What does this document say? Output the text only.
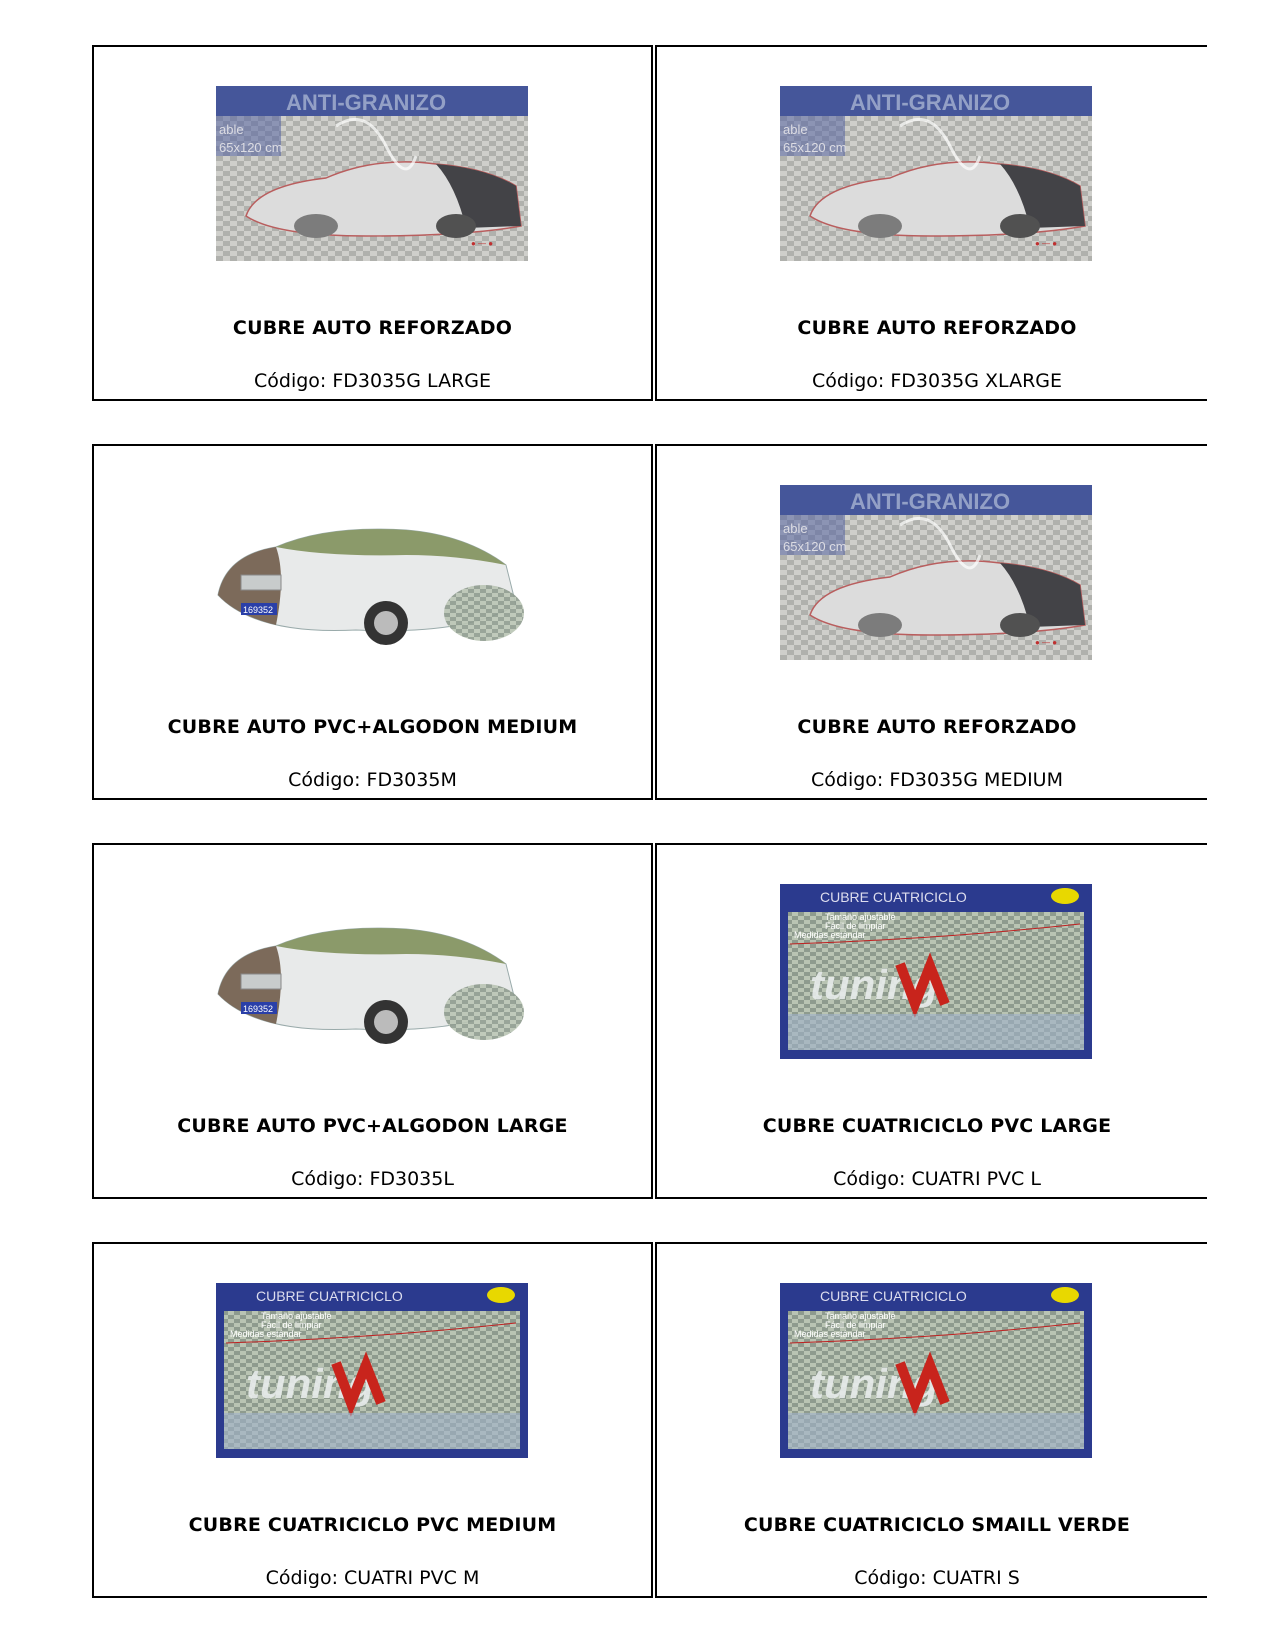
ANTI-GRANIZO
able
65x120 cm
● — ●
CUBRE AUTO REFORZADO
Código: FD3035G LARGE
ANTI-GRANIZO
able
65x120 cm
● — ●
CUBRE AUTO REFORZADO
Código: FD3035G XLARGE
169352
CUBRE AUTO PVC+ALGODON MEDIUM
Código: FD3035M
ANTI-GRANIZO
able
65x120 cm
● — ●
CUBRE AUTO REFORZADO
Código: FD3035G MEDIUM
169352
CUBRE AUTO PVC+ALGODON LARGE
Código: FD3035L
CUBRE CUATRICICLO
Tamaño ajustable
Fácil de limpiar
Medidas estándar
tuning
CUBRE CUATRICICLO PVC LARGE
Código: CUATRI PVC L
CUBRE CUATRICICLO
Tamaño ajustable
Fácil de limpiar
Medidas estándar
tuning
CUBRE CUATRICICLO PVC MEDIUM
Código: CUATRI PVC M
CUBRE CUATRICICLO
Tamaño ajustable
Fácil de limpiar
Medidas estándar
tuning
CUBRE CUATRICICLO SMAILL VERDE
Código: CUATRI S
